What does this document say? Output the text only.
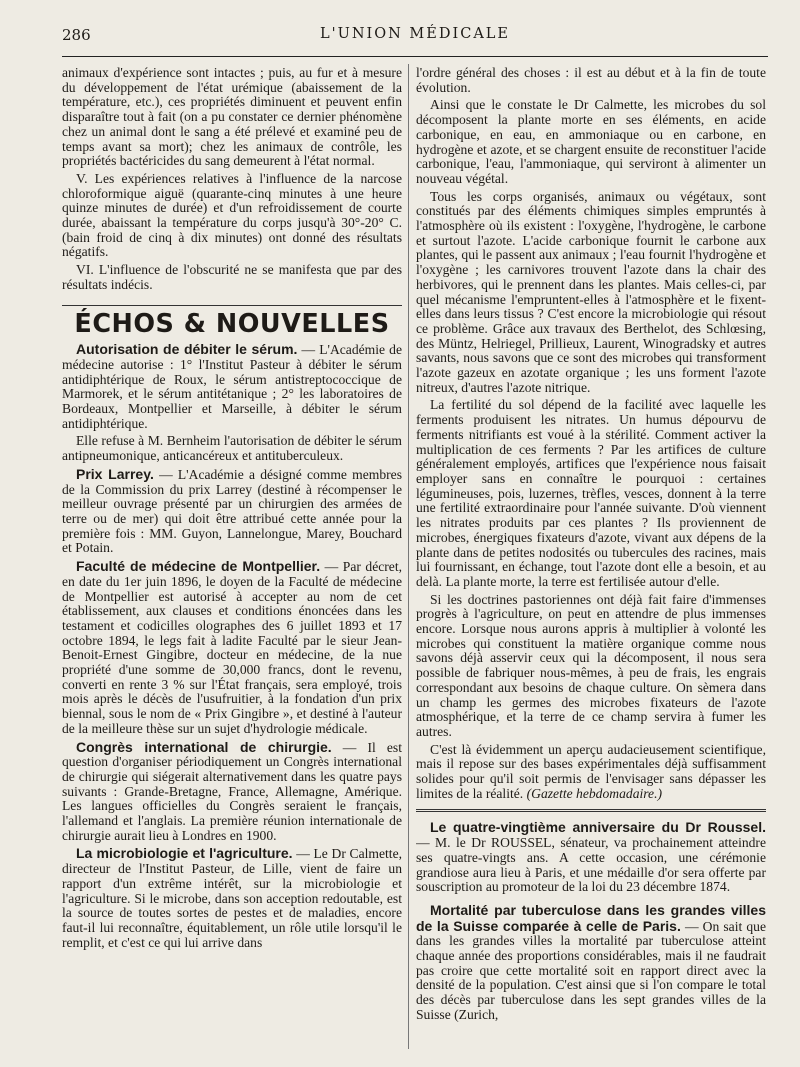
286	L'UNION MÉDICALE

animaux d'expérience sont intactes ; puis, au fur et à mesure du développement de l'état urémique (abaissement de la température, etc.), ces propriétés diminuent et peuvent enfin disparaître tout à fait (on a pu constater ce dernier phénomène chez un animal dont le sang a été prélevé et examiné peu de temps avant sa mort); chez les animaux de contrôle, les propriétés bactéricides du sang demeurent à l'état normal.

V. Les expériences relatives à l'influence de la narcose chloroformique aiguë (quarante-cinq minutes à une heure quinze minutes de durée) et d'un refroidissement de courte durée, abaissant la température du corps jusqu'à 30°-20° C. (bain froid de cinq à dix minutes) ont donné des résultats négatifs.

VI. L'influence de l'obscurité ne se manifesta que par des résultats indécis.

ÉCHOS & NOUVELLES

Autorisation de débiter le sérum. — L'Académie de médecine autorise : 1° l'Institut Pasteur à débiter le sérum antidiphtérique de Roux, le sérum antistreptococcique de Marmorek, et le sérum antitétanique ; 2° les laboratoires de Bordeaux, Montpellier et Marseille, à débiter le sérum antidiphtérique.

Elle refuse à M. Bernheim l'autorisation de débiter le sérum antipneumonique, anticancéreux et antituberculeux.

Prix Larrey. — L'Académie a désigné comme membres de la Commission du prix Larrey (destiné à récompenser le meilleur ouvrage présenté par un chirurgien des armées de terre ou de mer) qui doit être attribué cette année pour la première fois : MM. Guyon, Lannelongue, Marey, Bouchard et Potain.

Faculté de médecine de Montpellier. — Par décret, en date du 1er juin 1896, le doyen de la Faculté de médecine de Montpellier est autorisé à accepter au nom de cet établissement, aux clauses et conditions énoncées dans les testament et codicilles olographes des 6 juillet 1893 et 17 octobre 1894, le legs fait à ladite Faculté par le sieur Jean-Benoit-Ernest Gingibre, docteur en médecine, de la nue propriété d'une somme de 30,000 francs, dont le revenu, converti en rente 3 % sur l'État français, sera employé, trois mois après le décès de l'usufruitier, à la fondation d'un prix biennal, sous le nom de « Prix Gingibre », et destiné à l'auteur de la meilleure thèse sur un sujet d'hydrologie médicale.

Congrès international de chirurgie. — Il est question d'organiser périodiquement un Congrès international de chirurgie qui siégerait alternativement dans les quatre pays suivants : Grande-Bretagne, France, Allemagne, Amérique. Les langues officielles du Congrès seraient le français, l'allemand et l'anglais. La première réunion internationale de chirurgie aurait lieu à Londres en 1900.

La microbiologie et l'agriculture. — Le Dr Calmette, directeur de l'Institut Pasteur, de Lille, vient de faire un rapport d'un extrême intérêt, sur la microbiologie et l'agriculture. Si le microbe, dans son acception redoutable, est la source de toutes sortes de pestes et de maladies, encore faut-il lui reconnaître, équitablement, un rôle utile lorsqu'il le remplit, et c'est ce qui lui arrive dans

l'ordre général des choses : il est au début et à la fin de toute évolution.

Ainsi que le constate le Dr Calmette, les microbes du sol décomposent la plante morte en ses éléments, en acide carbonique, en eau, en ammoniaque ou en carbone, en hydrogène et azote, et se chargent ensuite de reconstituer l'acide carbonique, l'eau, l'ammoniaque, qui serviront à alimenter un nouveau végétal.

Tous les corps organisés, animaux ou végétaux, sont constitués par des éléments chimiques simples empruntés à l'atmosphère où ils existent : l'oxygène, l'hydrogène, le carbone et surtout l'azote. L'acide carbonique fournit le carbone aux plantes, qui le passent aux animaux ; l'eau fournit l'hydrogène et l'oxygène ; les carnivores trouvent l'azote dans la chair des herbivores, qui le prennent dans les plantes. Mais celles-ci, par quel mécanisme l'empruntent-elles à l'atmosphère et le fixent-elles dans leurs tissus ? C'est encore la microbiologie qui résout ce problème. Grâce aux travaux des Berthelot, des Schlœsing, des Müntz, Helriegel, Prillieux, Laurent, Winogradsky et autres savants, nous savons que ce sont des microbes qui transforment l'azote gazeux en azotate organique ; les uns forment l'azote nitreux, d'autres l'azote nitrique.

La fertilité du sol dépend de la facilité avec laquelle les ferments produisent les nitrates. Un humus dépourvu de ferments nitrifiants est voué à la stérilité. Comment activer la multiplication de ces ferments ? Par les artifices de culture généralement employés, artifices que l'expérience nous faisait employer sans en connaître le pourquoi : certaines légumineuses, pois, luzernes, trèfles, vesces, donnent à la terre une fertilité extraordinaire pour l'année suivante. D'où viennent les nitrates produits par ces plantes ? Ils proviennent de microbes, énergiques fixateurs d'azote, vivant aux dépens de la plante dans de petites nodosités ou tubercules des racines, mais lui fournissant, en échange, tout l'azote dont elle a besoin, et au delà. La plante morte, la terre est fertilisée autour d'elle.

Si les doctrines pastoriennes ont déjà fait faire d'immenses progrès à l'agriculture, on peut en attendre de plus immenses encore. Lorsque nous aurons appris à multiplier à volonté les microbes qui constituent la matière organique comme nous savons déjà asservir ceux qui la décomposent, il nous sera possible de fabriquer nous-mêmes, à peu de frais, les engrais correspondant aux besoins de chaque culture. On sèmera dans un champ les germes des microbes fixateurs de l'azote atmosphérique, et la terre de ce champ servira à fumer les autres.

C'est là évidemment un aperçu audacieusement scientifique, mais il repose sur des bases expérimentales déjà suffisamment solides pour qu'il soit permis de l'envisager sans dépasser les limites de la réalité. (Gazette hebdomadaire.)

Le quatre-vingtième anniversaire du Dr Roussel. — M. le Dr ROUSSEL, sénateur, va prochainement atteindre ses quatre-vingts ans. A cette occasion, une cérémonie grandiose aura lieu à Paris, et une médaille d'or sera offerte par souscription au promoteur de la loi du 23 décembre 1874.

Mortalité par tuberculose dans les grandes villes de la Suisse comparée à celle de Paris. — On sait que dans les grandes villes la mortalité par tuberculose atteint chaque année des proportions considérables, mais il ne faudrait pas croire que cette mortalité soit en rapport direct avec la densité de la population. C'est ainsi que si l'on compare le total des décès par tuberculose dans les sept grandes villes de la Suisse (Zurich,
